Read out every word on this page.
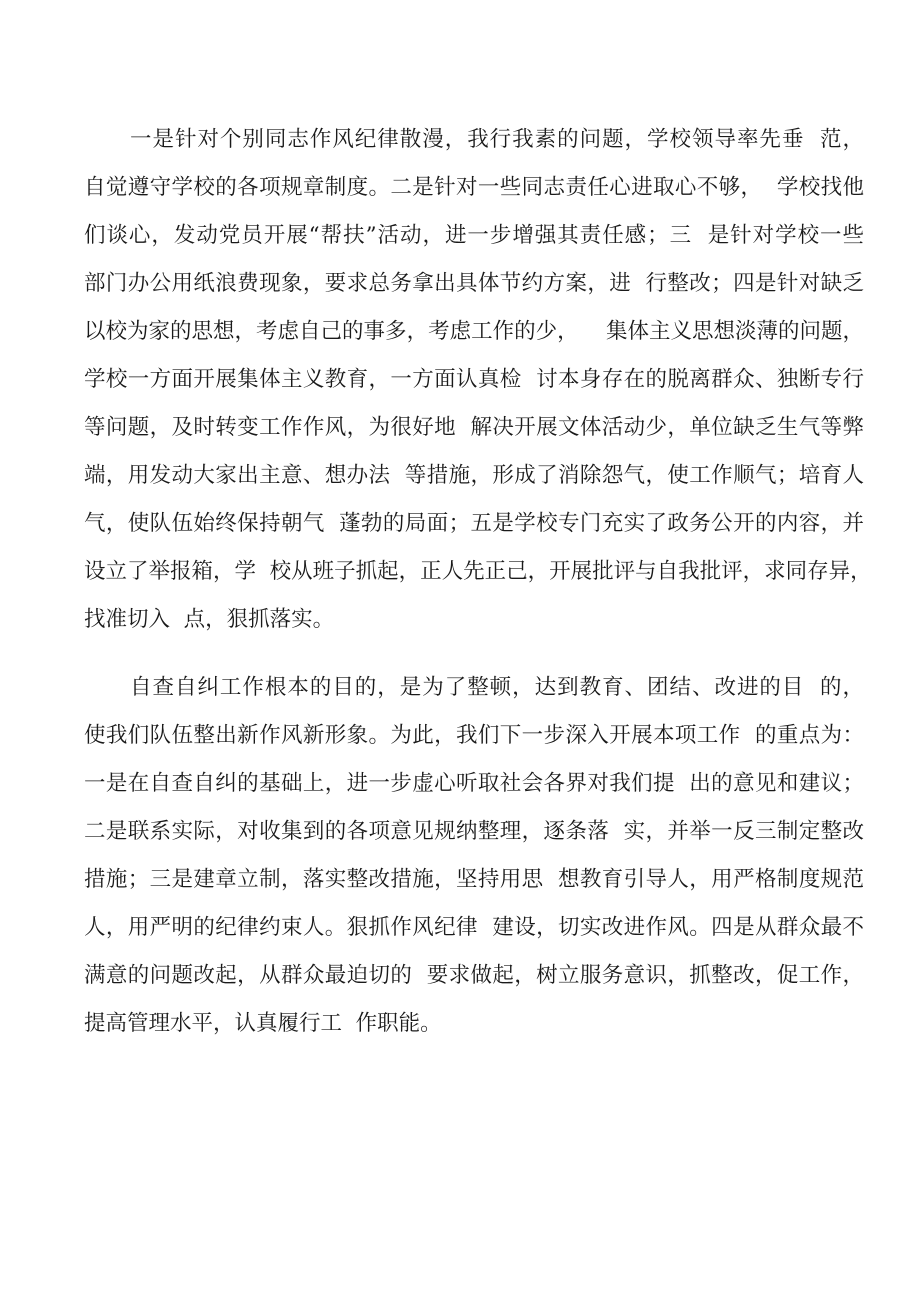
一是针对个别同志作风纪律散漫，我行我素的问题，学校领导率先垂  范，
自觉遵守学校的各项规章制度。二是针对一些同志责任心进取心不够，  学校找他
们谈心，发动党员开展“帮扶”活动，进一步增强其责任感；三  是针对学校一些
部门办公用纸浪费现象，要求总务拿出具体节约方案，进  行整改；四是针对缺乏
以校为家的思想，考虑自己的事多，考虑工作的少，    集体主义思想淡薄的问题，
学校一方面开展集体主义教育，一方面认真检  讨本身存在的脱离群众、独断专行
等问题，及时转变工作作风，为很好地  解决开展文体活动少，单位缺乏生气等弊
端，用发动大家出主意、想办法  等措施，形成了消除怨气，使工作顺气；培育人
气，使队伍始终保持朝气  蓬勃的局面；五是学校专门充实了政务公开的内容，并
设立了举报箱，学  校从班子抓起，正人先正己，开展批评与自我批评，求同存异，
找准切入  点，狠抓落实。
自查自纠工作根本的目的，是为了整顿，达到教育、团结、改进的目  的，
使我们队伍整出新作风新形象。为此，我们下一步深入开展本项工作  的重点为：
一是在自查自纠的基础上，进一步虚心听取社会各界对我们提  出的意见和建议；
二是联系实际，对收集到的各项意见规纳整理，逐条落  实，并举一反三制定整改
措施；三是建章立制，落实整改措施，坚持用思  想教育引导人，用严格制度规范
人，用严明的纪律约束人。狠抓作风纪律  建设，切实改进作风。四是从群众最不
满意的问题改起，从群众最迫切的  要求做起，树立服务意识，抓整改，促工作，
提高管理水平，认真履行工  作职能。
